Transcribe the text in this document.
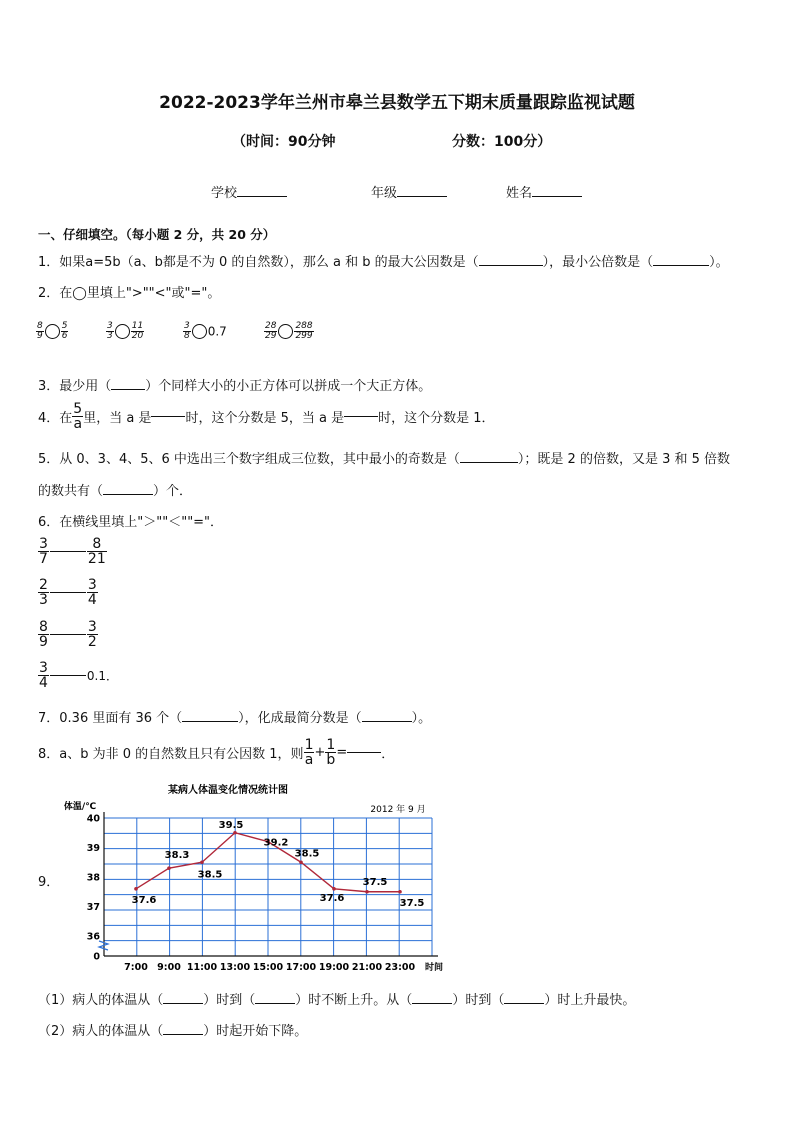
2022-2023学年兰州市皋兰县数学五下期末质量跟踪监视试题
（时间：90分钟	分数：100分）
学校	年级	姓名
一、仔细填空。（每小题 2 分，共 20 分）
1．如果a=5b（a、b都是不为 0 的自然数），那么 a 和 b 的最大公因数是（	），最小公倍数是（	）。
2．在◯里填上">""<"或"="。
$\frac{8}{9} \frac{5}{6}$	$\frac{3}{3} \frac{11}{20}$	$\frac{3}{8} 0.7$	$\frac{28}{29} \frac{288}{299}$
3．最少用（	）个同样大小的小正方体可以拼成一个大正方体。
4．在 $\frac{5}{a}$ 里，当 a 是	时，这个分数是 5，当 a 是	时，这个分数是 1．
5．从 0、3、4、5、6 中选出三个数字组成三位数，其中最小的奇数是（	）；既是 2 的倍数，又是 3 和 5 倍数
的数共有（	）个．
6．在横线里填上"＞""＜""="．
$\frac{3}{7}$	$\frac{8}{21}$
$\frac{2}{3}$	$\frac{3}{4}$
$\frac{8}{9}$	$\frac{3}{2}$
$\frac{3}{4}$	0.1．
7．0.36 里面有 36 个（	），化成最简分数是（	）。
8．a、b 为非 0 的自然数且只有公因数 1，则 $\frac{1}{a} + \frac{1}{b}$ =	．
9．
某病人体温变化情况统计图
2012 年 9 月
体温/℃
时间
0
36
37
38
39
40
7:00 9:00 11:00 13:00 15:00 17:00 19:00 21:00 23:00
37.6
38.3
38.5
39.5
39.2
38.5
37.6
37.5
37.5
（1）病人的体温从（	）时到（	）时不断上升。从（	）时到（	）时上升最快。
（2）病人的体温从（	）时起开始下降。
